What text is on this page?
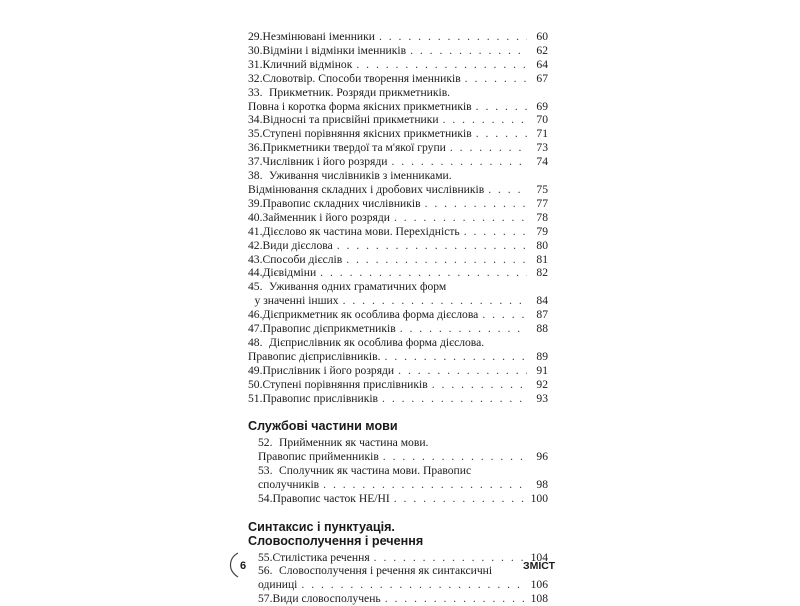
29. Незмінювані іменники . . .	60
30. Відміни і відмінки іменників . . .	62
31. Кличний відмінок . . .	64
32. Словотвір. Способи творення іменників . . .	67
33. Прикметник. Розряди прикметників.
Повна і коротка форма якісних прикметників . . .	69
34. Відносні та присвійні прикметники . . .	70
35. Ступені порівняння якісних прикметників . . .	71
36. Прикметники твердої та м'якої групи . . .	73
37. Числівник і його розряди . . .	74
38. Уживання числівників з іменниками.
Відмінювання складних і дробових числівників . . .	75
39. Правопис складних числівників . . .	77
40. Займенник і його розряди . . .	78
41. Дієслово як частина мови. Перехідність . . .	79
42. Види дієслова . . .	80
43. Способи дієслів . . .	81
44. Дієвідміни . . .	82
45. Уживання одних граматичних форм
у значенні інших . . .	84
46. Дієприкметник як особлива форма дієслова . . .	87
47. Правопис дієприкметників . . .	88
48. Дієприслівник як особлива форма дієслова.
Правопис дієприслівників. . . .	89
49. Прислівник і його розряди . . .	91
50. Ступені порівняння прислівників . . .	92
51. Правопис прислівників . . .	93
Службові частини мови
52. Прийменник як частина мови.
Правопис прийменників . . .	96
53. Сполучник як частина мови. Правопис
сполучників . . .	98
54. Правопис часток НЕ/НІ . . .	100
Синтаксис і пунктуація.
Словосполучення і речення
55. Стилістика речення . . .	104
56. Словосполучення і речення як синтаксичні
одиниці . . .	106
57. Види словосполучень . . .	108
6	ЗМІСТ
